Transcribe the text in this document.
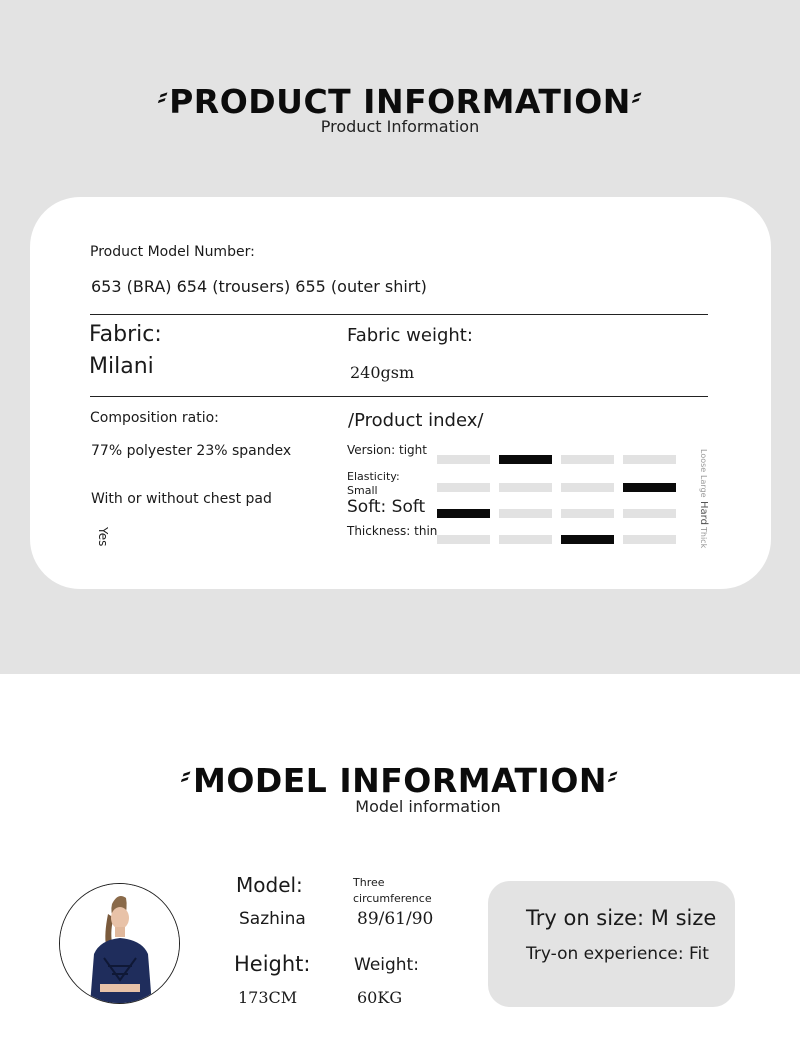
⸗PRODUCT INFORMATION⸗
Product Information
Product Model Number:
653 (BRA) 654 (trousers) 655 (outer shirt)
Fabric:
Milani
Fabric weight:
240gsm
Composition ratio:
77% polyester 23% spandex
With or without chest pad
Yes
/Product index/
Version: tight
Elasticity: Small
Soft: Soft
Thickness: thin
Loose
Large
Hard
Thick
⸗MODEL INFORMATION⸗
Model information
Model:
Sazhina
Three circumference
89/61/90
Height:
173CM
Weight:
60KG
Try on size: M size
Try-on experience: Fit
